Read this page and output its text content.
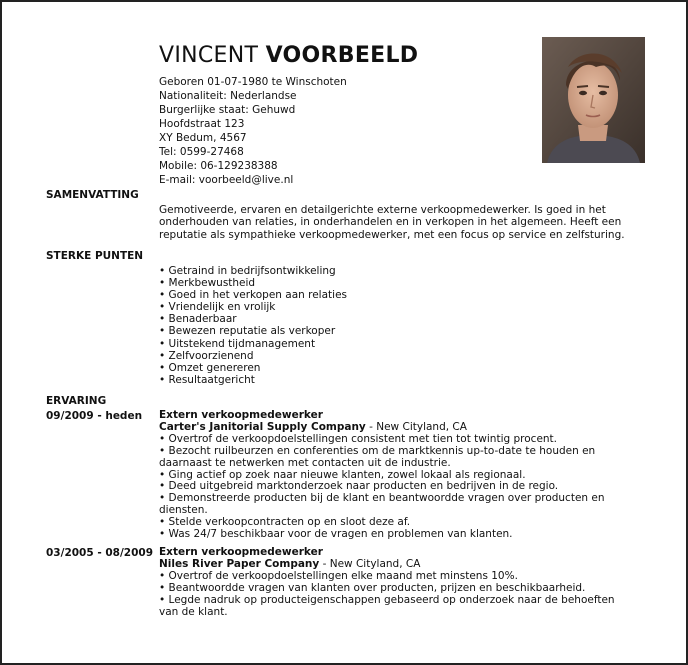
VINCENT VOORBEELD
Geboren 01-07-1980 te Winschoten
Nationaliteit: Nederlandse
Burgerlijke staat: Gehuwd
Hoofdstraat 123
XY Bedum, 4567
Tel: 0599-27468
Mobile: 06-129238388
E-mail: voorbeeld@live.nl
SAMENVATTING
Gemotiveerde, ervaren en detailgerichte externe verkoopmedewerker. Is goed in het
onderhouden van relaties, in onderhandelen en in verkopen in het algemeen. Heeft een
reputatie als sympathieke verkoopmedewerker, met een focus op service en zelfsturing.
STERKE PUNTEN
• Getraind in bedrijfsontwikkeling
• Merkbewustheid
• Goed in het verkopen aan relaties
• Vriendelijk en vrolijk
• Benaderbaar
• Bewezen reputatie als verkoper
• Uitstekend tijdmanagement
• Zelfvoorzienend
• Omzet genereren
• Resultaatgericht
ERVARING
09/2009 - heden Extern verkoopmedewerker
Carter's Janitorial Supply Company - New Cityland, CA
• Overtrof de verkoopdoelstellingen consistent met tien tot twintig procent.
• Bezocht ruilbeurzen en conferenties om de marktkennis up-to-date te houden en
daarnaast te netwerken met contacten uit de industrie.
• Ging actief op zoek naar nieuwe klanten, zowel lokaal als regionaal.
• Deed uitgebreid marktonderzoek naar producten en bedrijven in de regio.
• Demonstreerde producten bij de klant en beantwoordde vragen over producten en
diensten.
• Stelde verkoopcontracten op en sloot deze af.
• Was 24/7 beschikbaar voor de vragen en problemen van klanten.
03/2005 - 08/2009 Extern verkoopmedewerker
Niles River Paper Company - New Cityland, CA
• Overtrof de verkoopdoelstellingen elke maand met minstens 10%.
• Beantwoordde vragen van klanten over producten, prijzen en beschikbaarheid.
• Legde nadruk op producteigenschappen gebaseerd op onderzoek naar de behoeften
van de klant.
